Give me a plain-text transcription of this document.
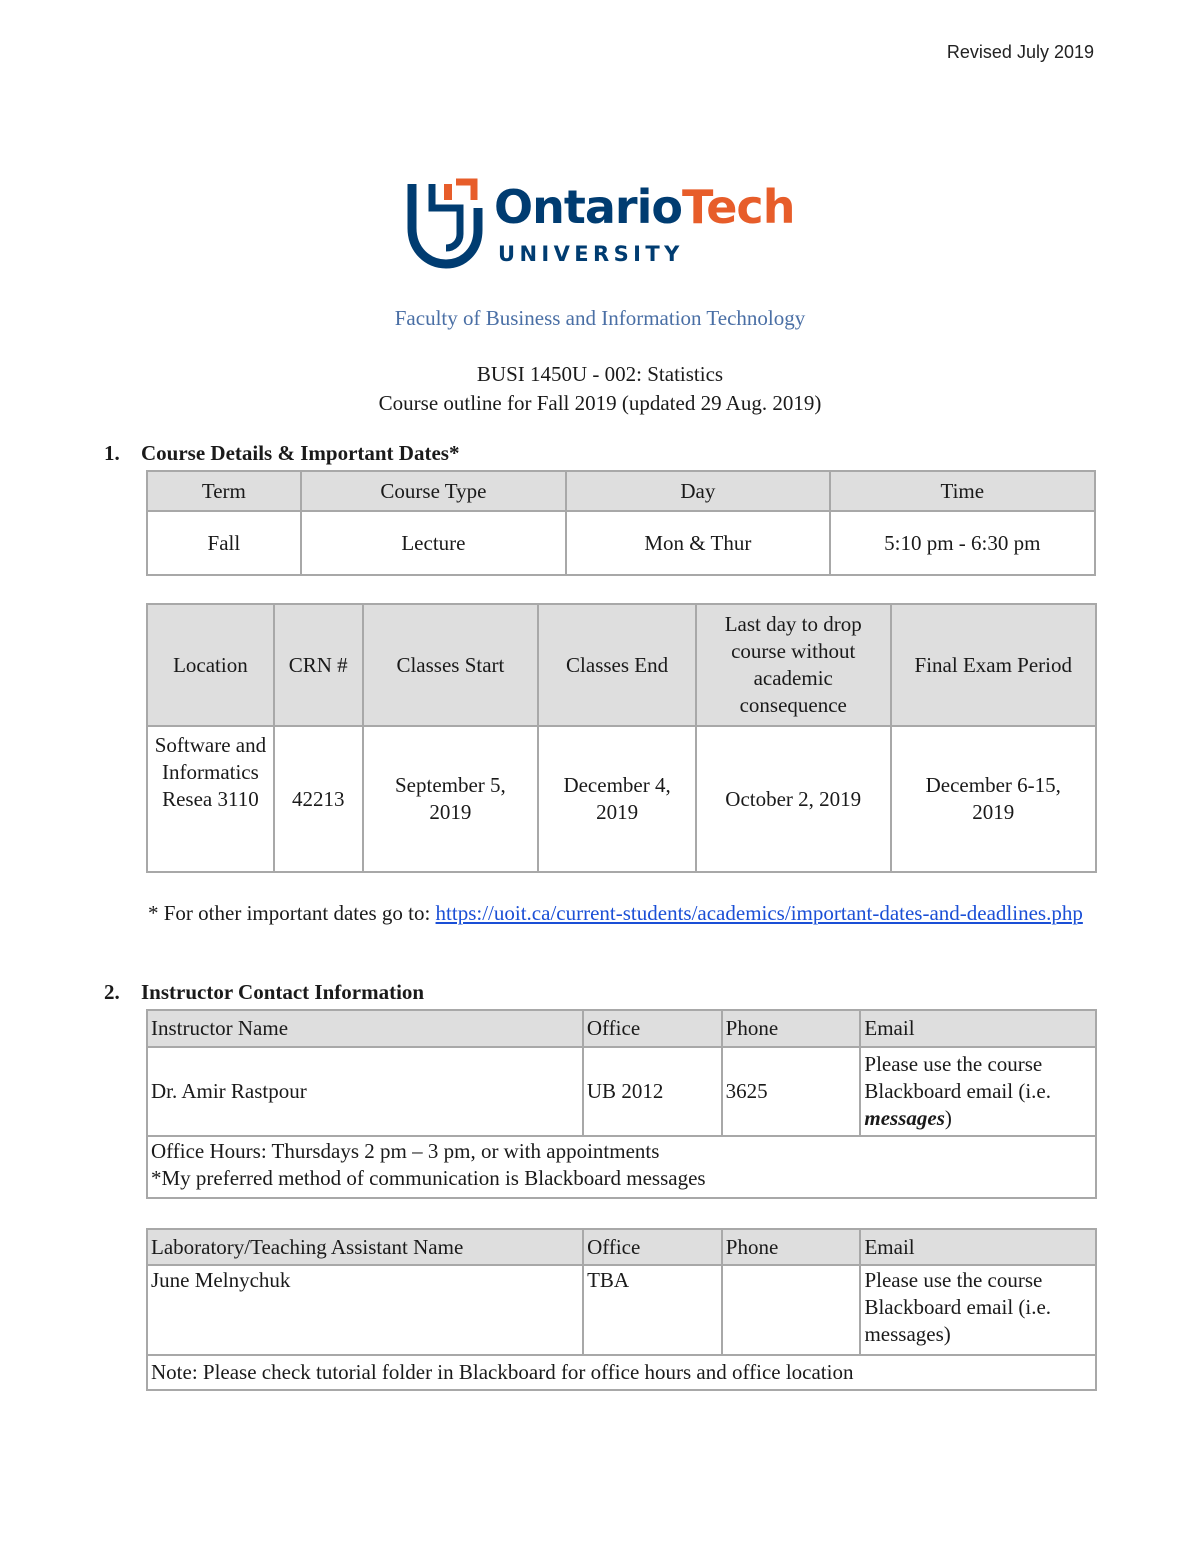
Revised July 2019
OntarioTech
UNIVERSITY
Faculty of Business and Information Technology
BUSI 1450U - 002: Statistics
Course outline for Fall 2019 (updated 29 Aug. 2019)
1. Course Details & Important Dates*
Term	Course Type	Day	Time
Fall	Lecture	Mon & Thur	5:10 pm - 6:30 pm
Location	CRN #	Classes Start	Classes End	Last day to drop course without academic consequence	Final Exam Period
Software and Informatics Resea 3110	42213	September 5, 2019	December 4, 2019	October 2, 2019	December 6-15, 2019
* For other important dates go to: https://uoit.ca/current-students/academics/important-dates-and-deadlines.php
2. Instructor Contact Information
Instructor Name	Office	Phone	Email
Dr. Amir Rastpour	UB 2012	3625	Please use the course Blackboard email (i.e. messages)

Office Hours: Thursdays 2 pm – 3 pm, or with appointments
*My preferred method of communication is Blackboard messages			
Laboratory/Teaching Assistant Name	Office	Phone	Email
June Melnychuk	TBA		Please use the course Blackboard email (i.e. messages)
Note: Please check tutorial folder in Blackboard for office hours and office location			
